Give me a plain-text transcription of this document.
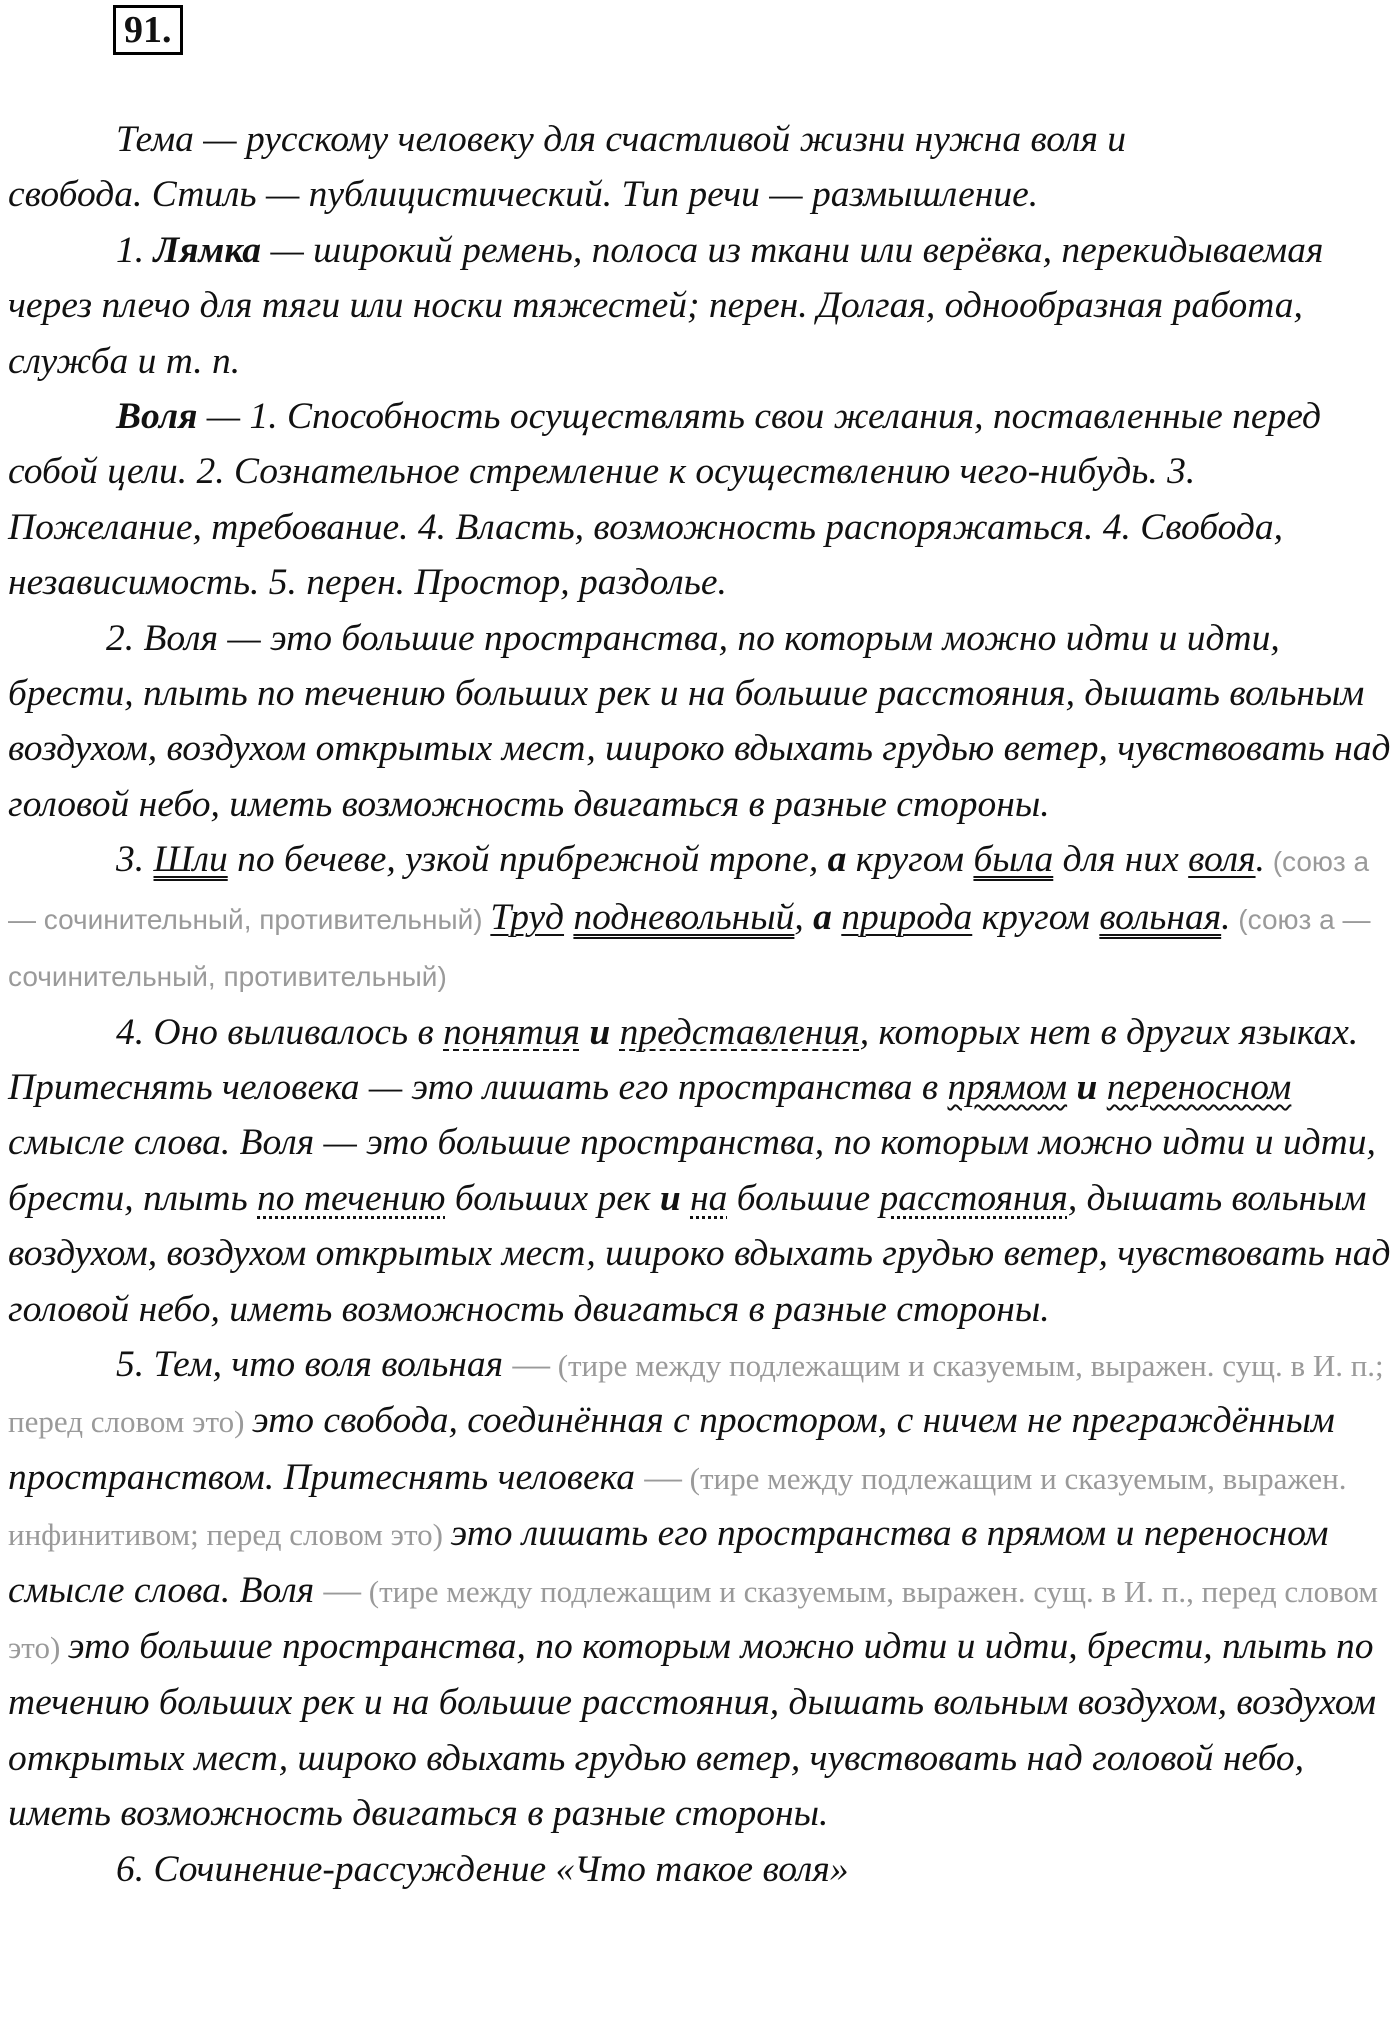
91.

Тема — русскому человеку для счастливой жизни нужна воля и
свобода. Стиль — публицистический. Тип речи — размышление.

1. Лямка — широкий ремень, полоса из ткани или верёвка, перекидываемая через плечо для тяги или носки тяжестей; перен. Долгая, однообразная работа, служба и т. п.

Воля — 1. Способность осуществлять свои желания, поставленные перед собой цели. 2. Сознательное стремление к осуществлению чего-нибудь. 3. Пожелание, требование. 4. Власть, возможность распоряжаться. 4. Свобода, независимость. 5. перен. Простор, раздолье.

2. Воля — это большие пространства, по которым можно идти и идти, брести, плыть по течению больших рек и на большие расстояния, дышать вольным воздухом, воздухом открытых мест, широко вдыхать грудью ветер, чувствовать над головой небо, иметь возможность двигаться в разные стороны.

3. Шли по бечеве, узкой прибрежной тропе, а кругом была для них воля. (союз а — сочинительный, противительный) Труд подневольный, а природа кругом вольная. (союз а — сочинительный, противительный)

4. Оно выливалось в понятия и представления, которых нет в других языках. Притеснять человека — это лишать его пространства в прямом и переносном смысле слова. Воля — это большие пространства, по которым можно идти и идти, брести, плыть по течению больших рек и на большие расстояния, дышать вольным воздухом, воздухом открытых мест, широко вдыхать грудью ветер, чувствовать над головой небо, иметь возможность двигаться в разные стороны.

5. Тем, что воля вольная — (тире между подлежащим и сказуемым, выражен. сущ. в И. п.; перед словом это) это свобода, соединённая с простором, с ничем не преграждённым пространством. Притеснять человека — (тире между подлежащим и сказуемым, выражен. инфинитивом; перед словом это) это лишать его пространства в прямом и переносном смысле слова. Воля — (тире между подлежащим и сказуемым, выражен. сущ. в И. п., перед словом это) это большие пространства, по которым можно идти и идти, брести, плыть по течению больших рек и на большие расстояния, дышать вольным воздухом, воздухом открытых мест, широко вдыхать грудью ветер, чувствовать над головой небо, иметь возможность двигаться в разные стороны.

6. Сочинение-рассуждение «Что такое воля»
